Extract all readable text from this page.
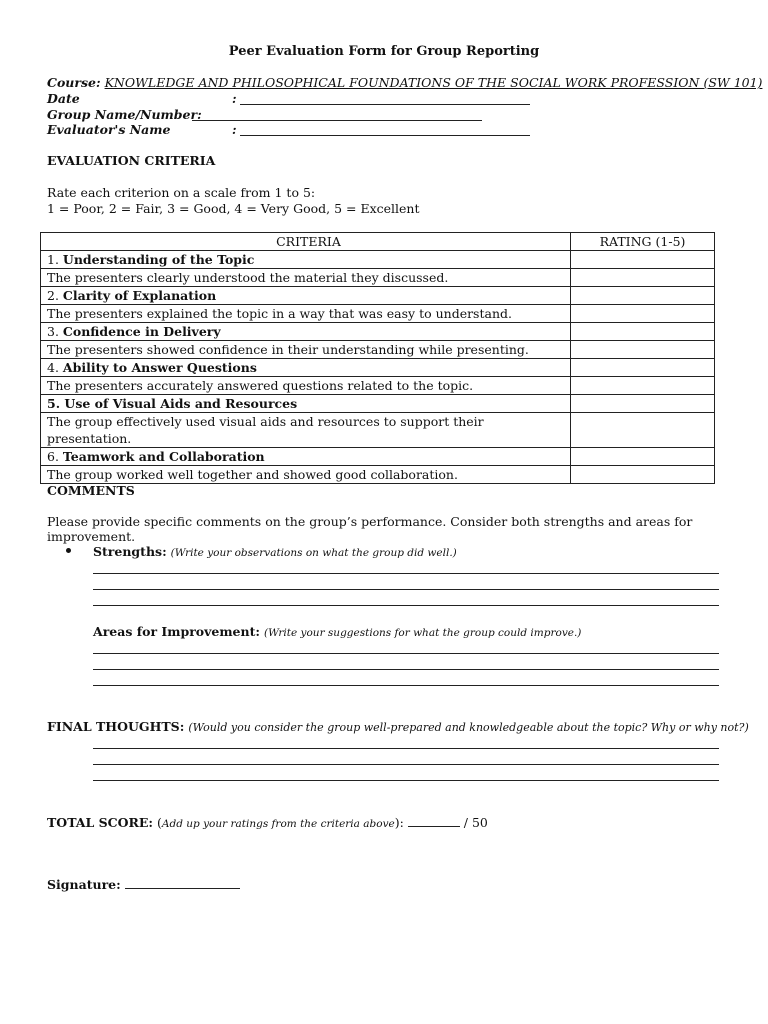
Peer Evaluation Form for Group Reporting
Course: KNOWLEDGE AND PHILOSOPHICAL FOUNDATIONS OF THE SOCIAL WORK PROFESSION (SW 101)
Date	:
Group Name/Number:
Evaluator's Name	:
EVALUATION CRITERIA
Rate each criterion on a scale from 1 to 5:
1 = Poor, 2 = Fair, 3 = Good, 4 = Very Good, 5 = Excellent
CRITERIA	RATING (1-5)
1. Understanding of the Topic	
The presenters clearly understood the material they discussed.	
2. Clarity of Explanation	
The presenters explained the topic in a way that was easy to understand.	
3. Confidence in Delivery	
The presenters showed confidence in their understanding while presenting.	
4. Ability to Answer Questions	
The presenters accurately answered questions related to the topic.	
5. Use of Visual Aids and Resources	
The group effectively used visual aids and resources to support their presentation.	
6. Teamwork and Collaboration	
The group worked well together and showed good collaboration.	
COMMENTS
Please provide specific comments on the group’s performance. Consider both strengths and areas for
improvement.
Strengths: (Write your observations on what the group did well.)
Areas for Improvement: (Write your suggestions for what the group could improve.)
FINAL THOUGHTS: (Would you consider the group well-prepared and knowledgeable about the topic? Why or why not?)
TOTAL SCORE: (Add up your ratings from the criteria above):	/ 50
Signature:
